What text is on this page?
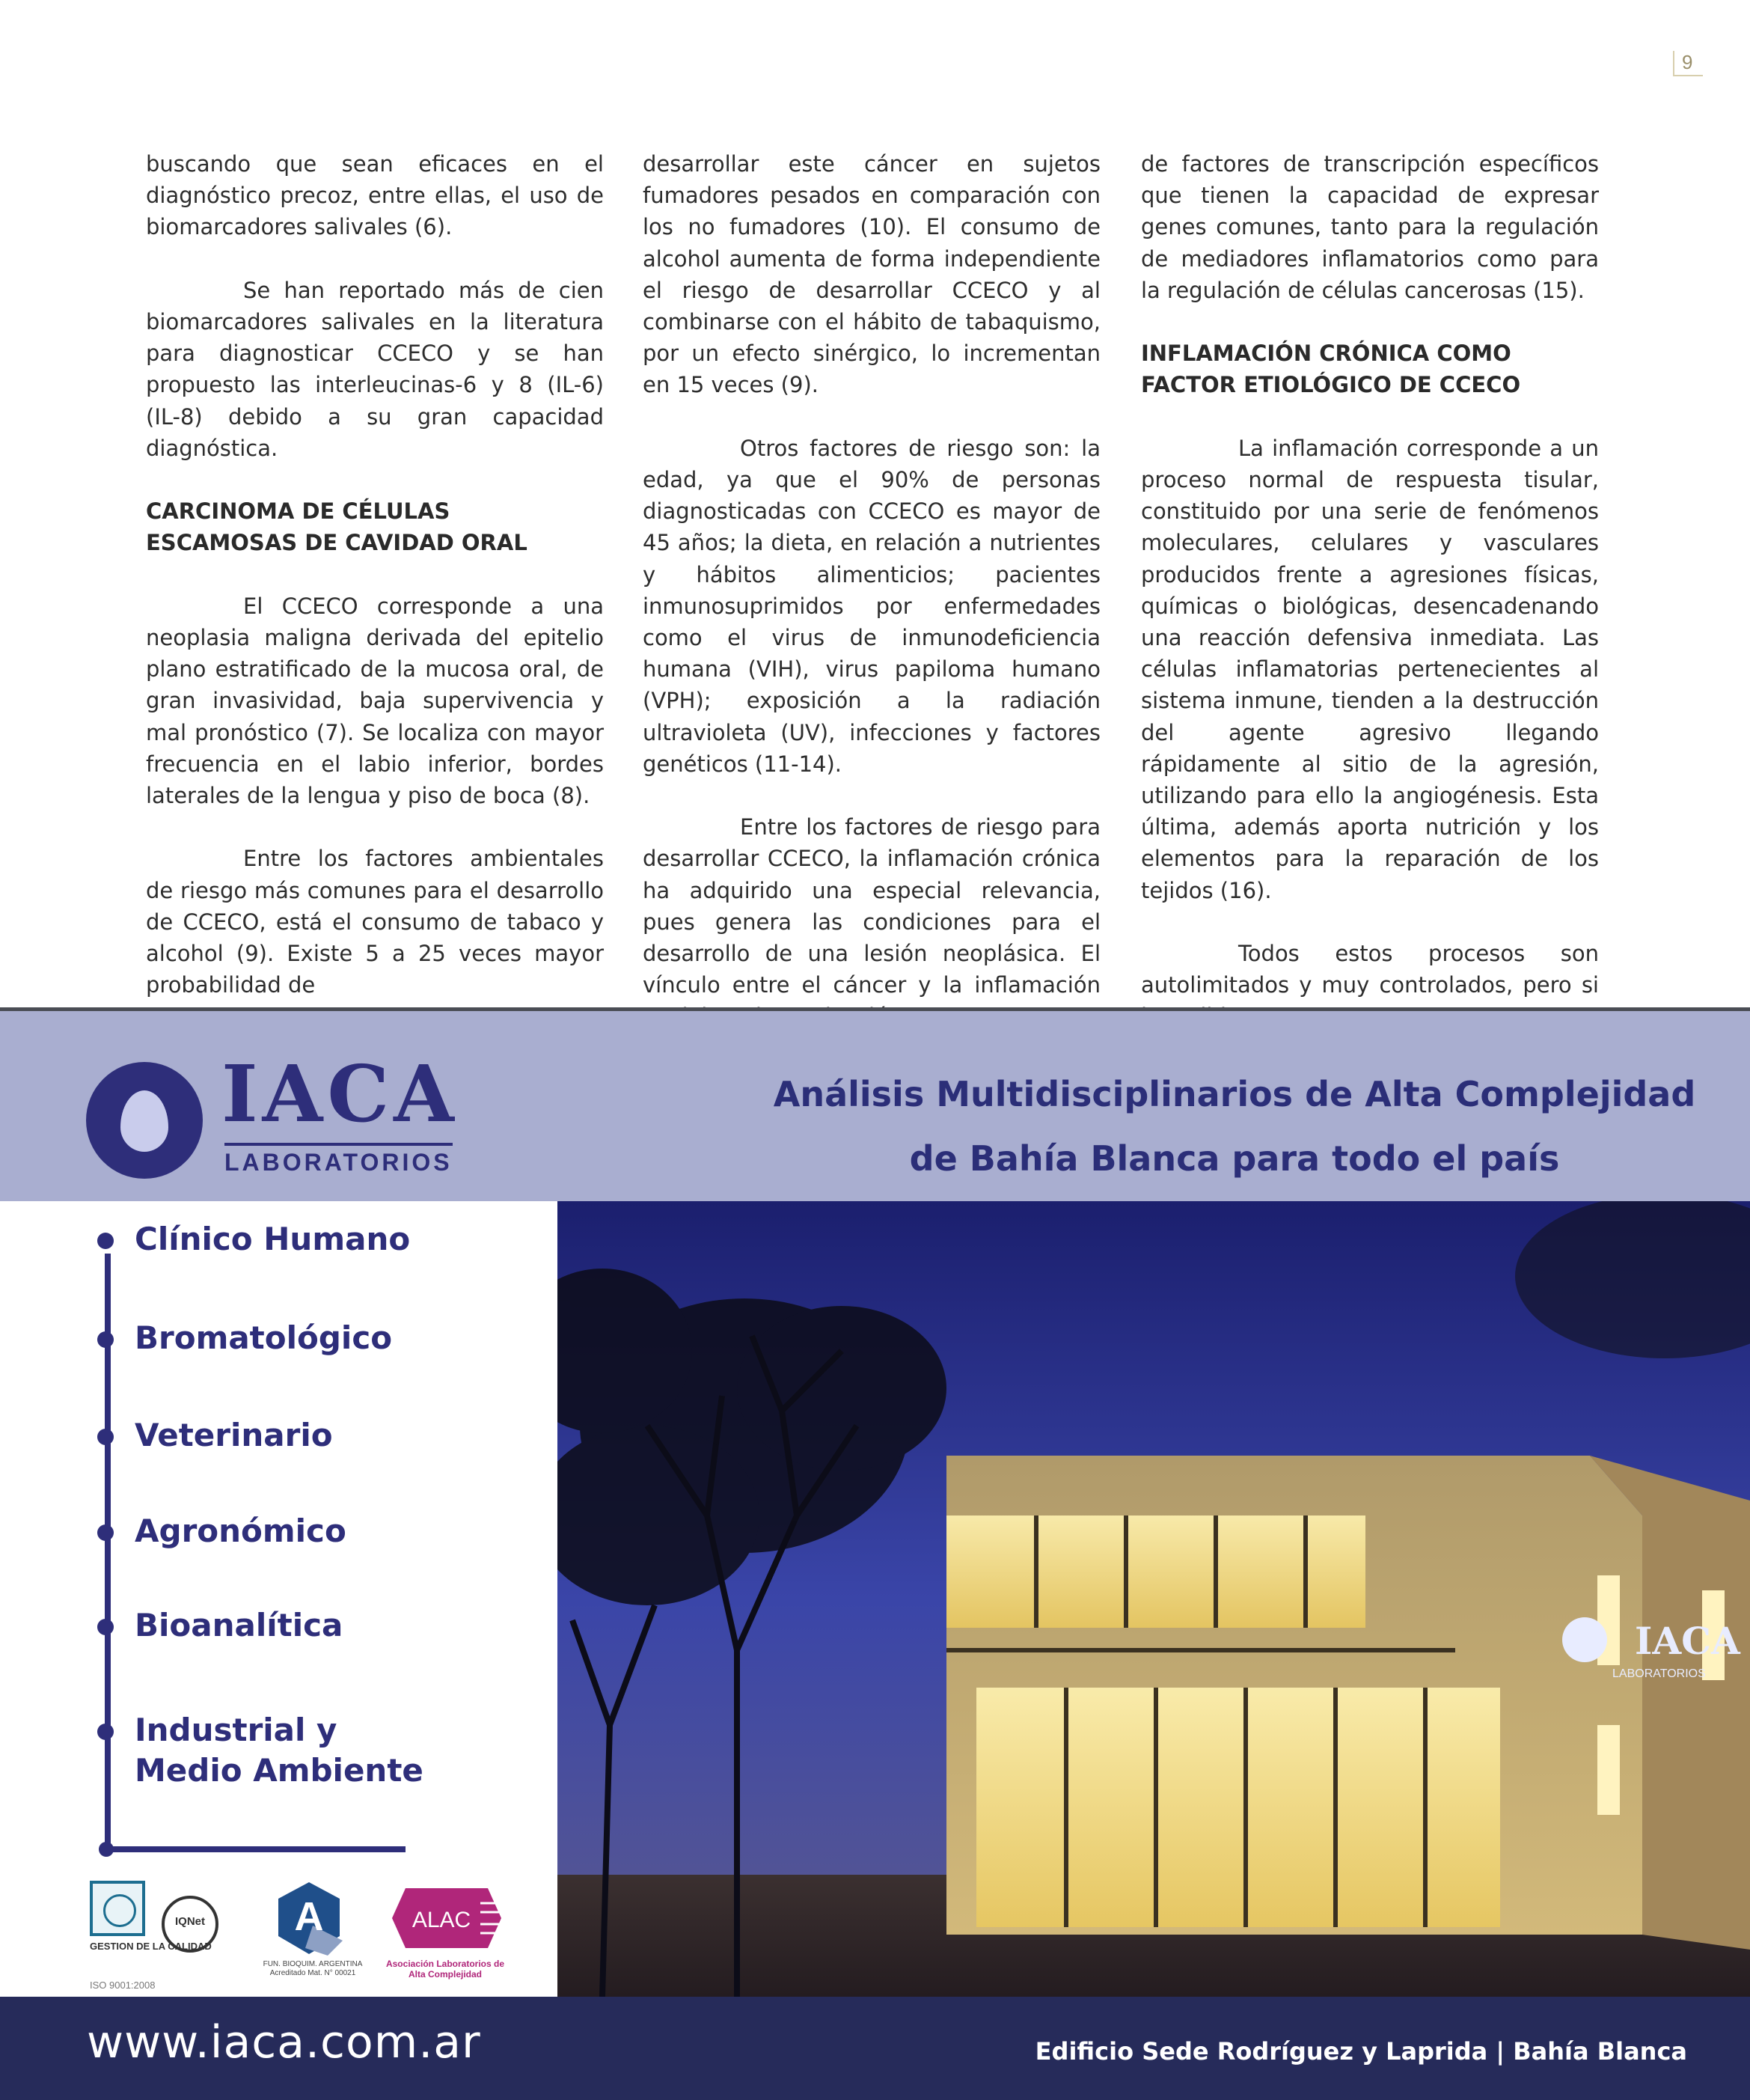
9

buscando que sean eficaces en el diagnóstico precoz, entre ellas, el uso de biomarcadores salivales (6).

Se han reportado más de cien biomarcadores salivales en la literatura para diagnosticar CCECO y se han propuesto las interleucinas-6 y 8 (IL-6) (IL-8) debido a su gran capacidad diagnóstica.

CARCINOMA DE CÉLULAS ESCAMOSAS DE CAVIDAD ORAL

El CCECO corresponde a una neoplasia maligna derivada del epitelio plano estratificado de la mucosa oral, de gran invasividad, baja supervivencia y mal pronóstico (7). Se localiza con mayor frecuencia en el labio inferior, bordes laterales de la lengua y piso de boca (8).

Entre los factores ambientales de riesgo más comunes para el desarrollo de CCECO, está el consumo de tabaco y alcohol (9). Existe 5 a 25 veces mayor probabilidad de

desarrollar este cáncer en sujetos fumadores pesados en comparación con los no fumadores (10). El consumo de alcohol aumenta de forma independiente el riesgo de desarrollar CCECO y al combinarse con el hábito de tabaquismo, por un efecto sinérgico, lo incrementan en 15 veces (9).

Otros factores de riesgo son: la edad, ya que el 90% de personas diagnosticadas con CCECO es mayor de 45 años; la dieta, en relación a nutrientes y hábitos alimenticios; pacientes inmunosuprimidos por enfermedades como el virus de inmunodeficiencia humana (VIH), virus papiloma humano (VPH); exposición a la radiación ultravioleta (UV), infecciones y factores genéticos (11-14).

Entre los factores de riesgo para desarrollar CCECO, la inflamación crónica ha adquirido una especial relevancia, pues genera las condiciones para el desarrollo de una lesión neoplásica. El vínculo entre el cáncer y la inflamación

de factores de transcripción específicos que tienen la capacidad de expresar genes comunes, tanto para la regulación de mediadores inflamatorios como para la regulación de células cancerosas (15).

INFLAMACIÓN CRÓNICA COMO FACTOR ETIOLÓGICO DE CCECO

La inflamación corresponde a un proceso normal de respuesta tisular, constituido por una serie de fenómenos moleculares, celulares y vasculares producidos frente a agresiones físicas, químicas o biológicas, desencadenando una reacción defensiva inmediata. Las células inflamatorias pertenecientes al sistema inmune, tienden a la destrucción del agente agresivo llegando rápidamente al sitio de la agresión, utilizando para ello la angiogénesis. Esta última, además aporta nutrición y los elementos para la reparación de los tejidos (16).

Todos estos procesos son autolimitados y muy controlados, pero si

IACA
LABORATORIOS
Análisis Multidisciplinarios de Alta Complejidad
de Bahía Blanca para todo el país
Clínico Humano
Bromatológico
Veterinario
Agronómico
Bioanalítica
Industrial y
Medio Ambiente
GESTION DE LA CALIDAD
ISO 9001:2008
IQNet A
FUN. BIOQUIM. ARGENTINA Acreditado Mat. N° 00021
ALAC
Asociación Laboratorios de Alta Complejidad
IACA
LABORATORIOS
www.iaca.com.ar	Edificio Sede Rodríguez y Laprida | Bahía Blanca
